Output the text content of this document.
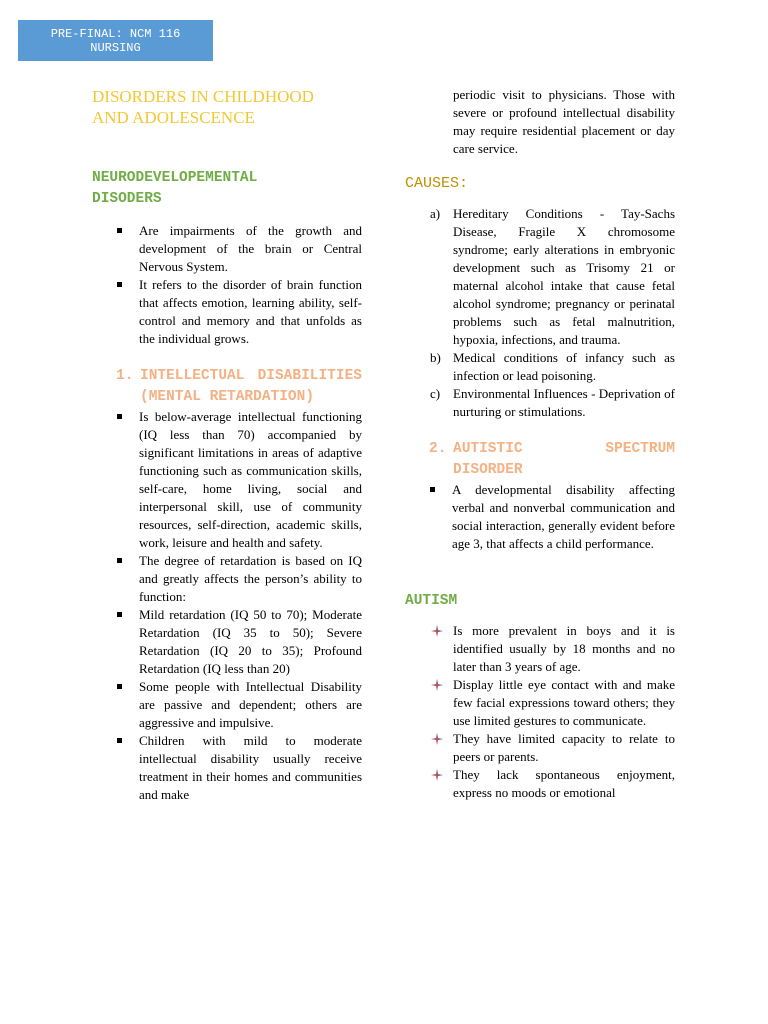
PRE-FINAL: NCM 116
NURSING
DISORDERS IN CHILDHOOD
AND ADOLESCENCE
NEURODEVELOPEMENTAL
DISODERS
Are impairments of the growth and development of the brain or Central Nervous System.
It refers to the disorder of brain function that affects emotion, learning ability, self-control and memory and that unfolds as the individual grows.
1. INTELLECTUAL DISABILITIES (MENTAL RETARDATION)
Is below-average intellectual functioning (IQ less than 70) accompanied by significant limitations in areas of adaptive functioning such as communication skills, self-care, home living, social and interpersonal skill, use of community resources, self-direction, academic skills, work, leisure and health and safety.
The degree of retardation is based on IQ and greatly affects the person’s ability to function:
Mild retardation (IQ 50 to 70); Moderate Retardation (IQ 35 to 50); Severe Retardation (IQ 20 to 35); Profound Retardation (IQ less than 20)
Some people with Intellectual Disability are passive and dependent; others are aggressive and impulsive.
Children with mild to moderate intellectual disability usually receive treatment in their homes and communities and make

periodic visit to physicians. Those with severe or profound intellectual disability may require residential placement or day care service.

CAUSES:
a) Hereditary Conditions - Tay-Sachs Disease, Fragile X chromosome syndrome; early alterations in embryonic development such as Trisomy 21 or maternal alcohol intake that cause fetal alcohol syndrome; pregnancy or perinatal problems such as fetal malnutrition, hypoxia, infections, and trauma.
b) Medical conditions of infancy such as infection or lead poisoning.
c) Environmental Influences - Deprivation of nurturing or stimulations.
2. AUTISTIC SPECTRUM DISORDER
A developmental disability affecting verbal and nonverbal communication and social interaction, generally evident before age 3, that affects a child performance.
AUTISM
Is more prevalent in boys and it is identified usually by 18 months and no later than 3 years of age.
Display little eye contact with and make few facial expressions toward others; they use limited gestures to communicate.
They have limited capacity to relate to peers or parents.
They lack spontaneous enjoyment, express no moods or emotional
